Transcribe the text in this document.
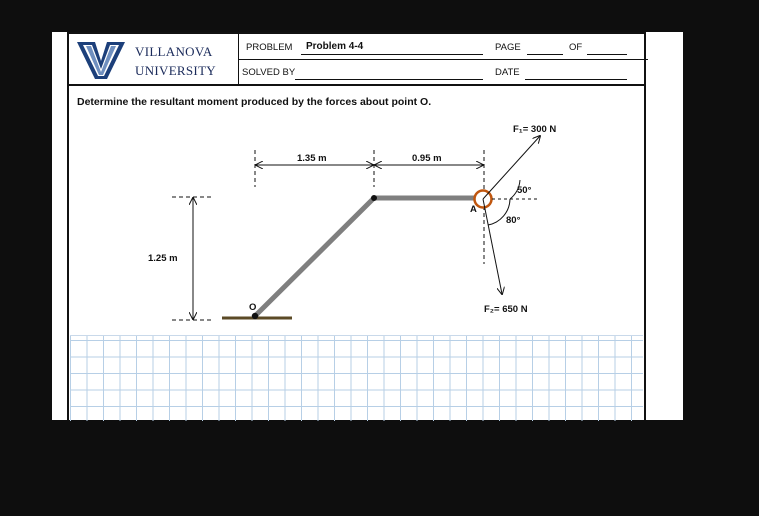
VILLANOVA
UNIVERSITY
PROBLEM Problem 4-4	PAGE	OF
SOLVED BY	DATE
Determine the resultant moment produced by the forces about point O.
1.35 m	0.95 m
1.25 m
O
A
F₁= 300 N
F₂= 650 N
50°
80°
